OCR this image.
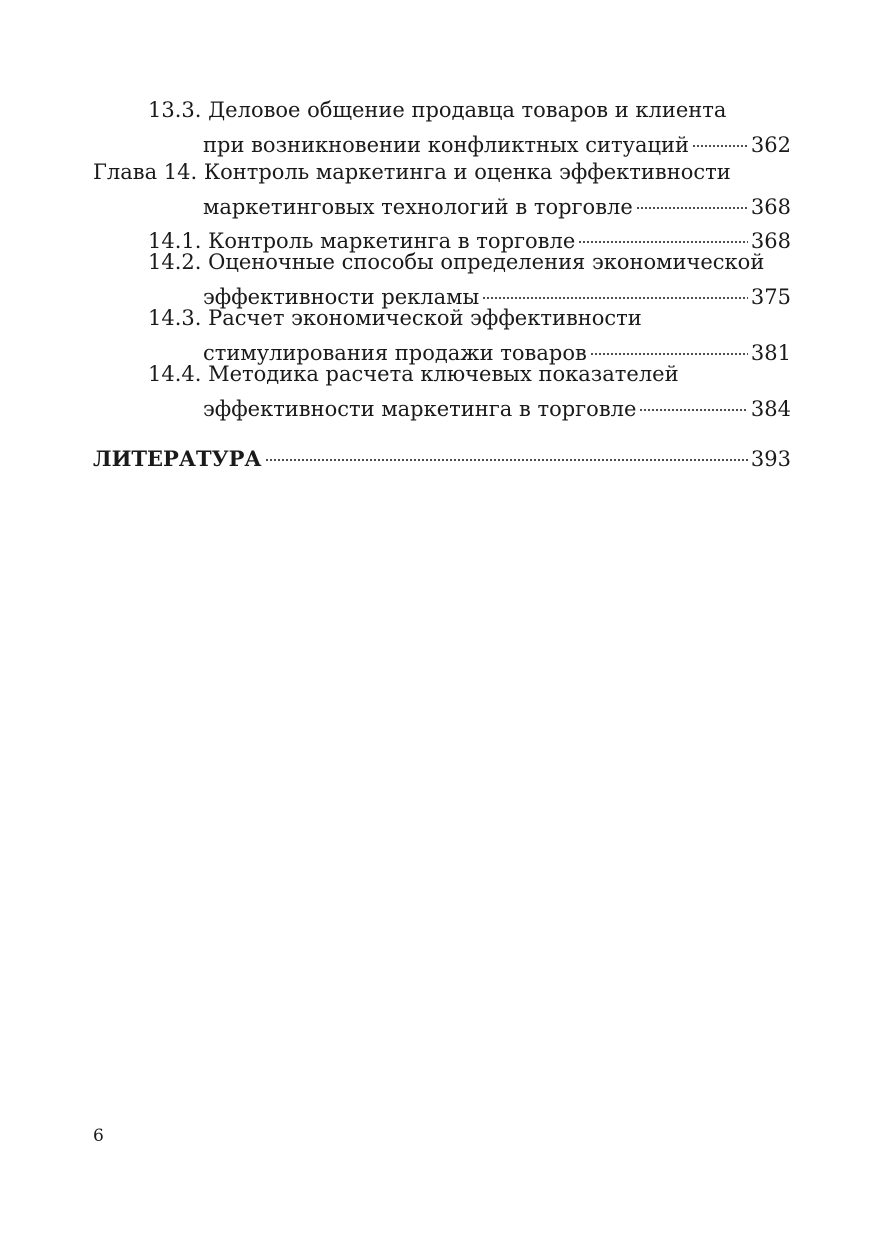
13.3. Деловое общение продавца товаров и клиента
при возникновении конфликтных ситуаций	362
Глава 14. Контроль маркетинга и оценка эффективности
маркетинговых технологий в торговле	368
14.1. Контроль маркетинга в торговле	368
14.2. Оценочные способы определения экономической
эффективности рекламы	375
14.3. Расчет экономической эффективности
стимулирования продажи товаров	381
14.4. Методика расчета ключевых показателей
эффективности маркетинга в торговле	384
ЛИТЕРАТУРА	393
6
